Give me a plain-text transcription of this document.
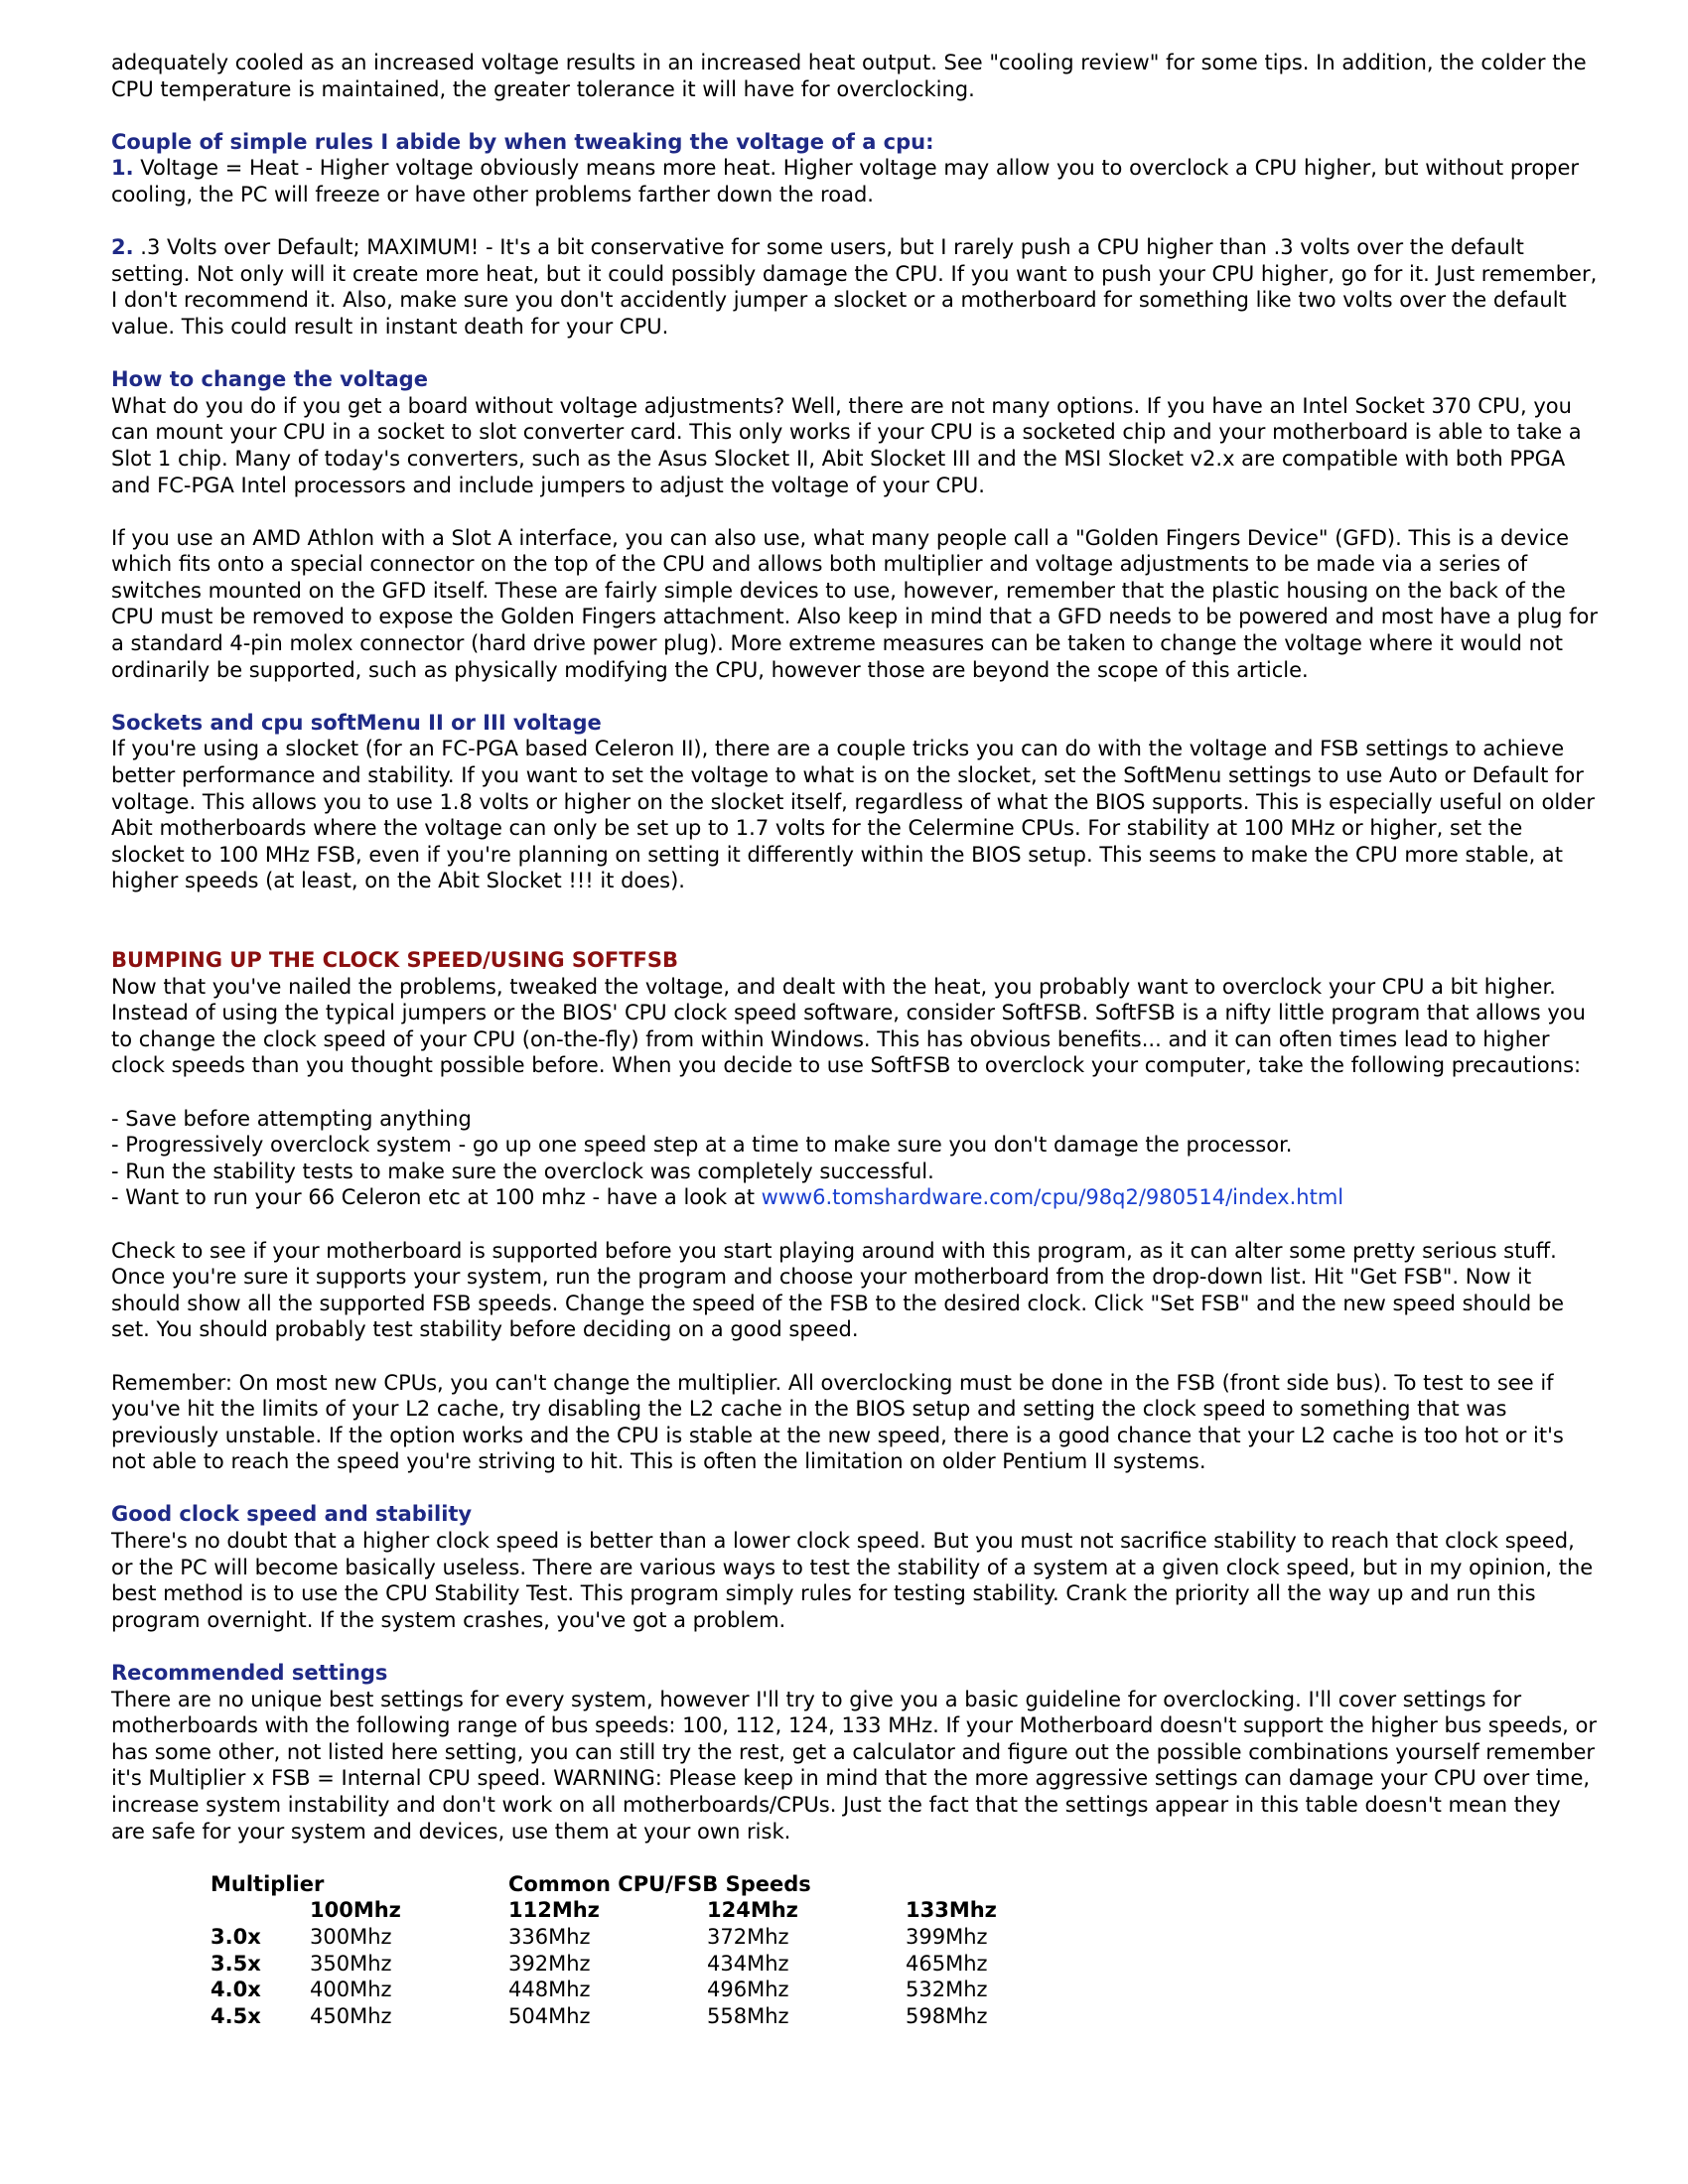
adequately cooled as an increased voltage results in an increased heat output. See "cooling review" for some tips. In addition, the colder the CPU temperature is maintained, the greater tolerance it will have for overclocking.

Couple of simple rules I abide by when tweaking the voltage of a cpu:

1. Voltage = Heat - Higher voltage obviously means more heat. Higher voltage may allow you to overclock a CPU higher, but without proper cooling, the PC will freeze or have other problems farther down the road.

2. .3 Volts over Default; MAXIMUM! - It's a bit conservative for some users, but I rarely push a CPU higher than .3 volts over the default setting. Not only will it create more heat, but it could possibly damage the CPU. If you want to push your CPU higher, go for it. Just remember, I don't recommend it. Also, make sure you don't accidently jumper a slocket or a motherboard for something like two volts over the default value. This could result in instant death for your CPU.

How to change the voltage

What do you do if you get a board without voltage adjustments? Well, there are not many options. If you have an Intel Socket 370 CPU, you can mount your CPU in a socket to slot converter card. This only works if your CPU is a socketed chip and your motherboard is able to take a Slot 1 chip. Many of today's converters, such as the Asus Slocket II, Abit Slocket III and the MSI Slocket v2.x are compatible with both PPGA and FC-PGA Intel processors and include jumpers to adjust the voltage of your CPU.

If you use an AMD Athlon with a Slot A interface, you can also use, what many people call a "Golden Fingers Device" (GFD). This is a device which fits onto a special connector on the top of the CPU and allows both multiplier and voltage adjustments to be made via a series of switches mounted on the GFD itself. These are fairly simple devices to use, however, remember that the plastic housing on the back of the CPU must be removed to expose the Golden Fingers attachment. Also keep in mind that a GFD needs to be powered and most have a plug for a standard 4-pin molex connector (hard drive power plug). More extreme measures can be taken to change the voltage where it would not ordinarily be supported, such as physically modifying the CPU, however those are beyond the scope of this article.

Sockets and cpu softMenu II or III voltage

If you're using a slocket (for an FC-PGA based Celeron II), there are a couple tricks you can do with the voltage and FSB settings to achieve better performance and stability. If you want to set the voltage to what is on the slocket, set the SoftMenu settings to use Auto or Default for voltage. This allows you to use 1.8 volts or higher on the slocket itself, regardless of what the BIOS supports. This is especially useful on older Abit motherboards where the voltage can only be set up to 1.7 volts for the Celermine CPUs. For stability at 100 MHz or higher, set the slocket to 100 MHz FSB, even if you're planning on setting it differently within the BIOS setup. This seems to make the CPU more stable, at higher speeds (at least, on the Abit Slocket !!! it does).

BUMPING UP THE CLOCK SPEED/USING SOFTFSB

Now that you've nailed the problems, tweaked the voltage, and dealt with the heat, you probably want to overclock your CPU a bit higher. Instead of using the typical jumpers or the BIOS' CPU clock speed software, consider SoftFSB. SoftFSB is a nifty little program that allows you to change the clock speed of your CPU (on-the-fly) from within Windows. This has obvious benefits... and it can often times lead to higher clock speeds than you thought possible before. When you decide to use SoftFSB to overclock your computer, take the following precautions:

- Save before attempting anything

- Progressively overclock system - go up one speed step at a time to make sure you don't damage the processor.

- Run the stability tests to make sure the overclock was completely successful.

- Want to run your 66 Celeron etc at 100 mhz - have a look at www6.tomshardware.com/cpu/98q2/980514/index.html

Check to see if your motherboard is supported before you start playing around with this program, as it can alter some pretty serious stuff. Once you're sure it supports your system, run the program and choose your motherboard from the drop-down list. Hit "Get FSB". Now it should show all the supported FSB speeds. Change the speed of the FSB to the desired clock. Click "Set FSB" and the new speed should be set. You should probably test stability before deciding on a good speed.

Remember: On most new CPUs, you can't change the multiplier. All overclocking must be done in the FSB (front side bus). To test to see if you've hit the limits of your L2 cache, try disabling the L2 cache in the BIOS setup and setting the clock speed to something that was previously unstable. If the option works and the CPU is stable at the new speed, there is a good chance that your L2 cache is too hot or it's not able to reach the speed you're striving to hit. This is often the limitation on older Pentium II systems.

Good clock speed and stability

There's no doubt that a higher clock speed is better than a lower clock speed. But you must not sacrifice stability to reach that clock speed, or the PC will become basically useless. There are various ways to test the stability of a system at a given clock speed, but in my opinion, the best method is to use the CPU Stability Test. This program simply rules for testing stability. Crank the priority all the way up and run this program overnight. If the system crashes, you've got a problem.

Recommended settings

There are no unique best settings for every system, however I'll try to give you a basic guideline for overclocking. I'll cover settings for motherboards with the following range of bus speeds: 100, 112, 124, 133 MHz. If your Motherboard doesn't support the higher bus speeds, or has some other, not listed here setting, you can still try the rest, get a calculator and figure out the possible combinations yourself remember it's Multiplier x FSB = Internal CPU speed. WARNING: Please keep in mind that the more aggressive settings can damage your CPU over time, increase system instability and don't work on all motherboards/CPUs. Just the fact that the settings appear in this table doesn't mean they are safe for your system and devices, use them at your own risk.

Multiplier		Common CPU/FSB Speeds		
	100Mhz	112Mhz	124Mhz	133Mhz
3.0x	300Mhz	336Mhz	372Mhz	399Mhz
3.5x	350Mhz	392Mhz	434Mhz	465Mhz
4.0x	400Mhz	448Mhz	496Mhz	532Mhz
4.5x	450Mhz	504Mhz	558Mhz	598Mhz
